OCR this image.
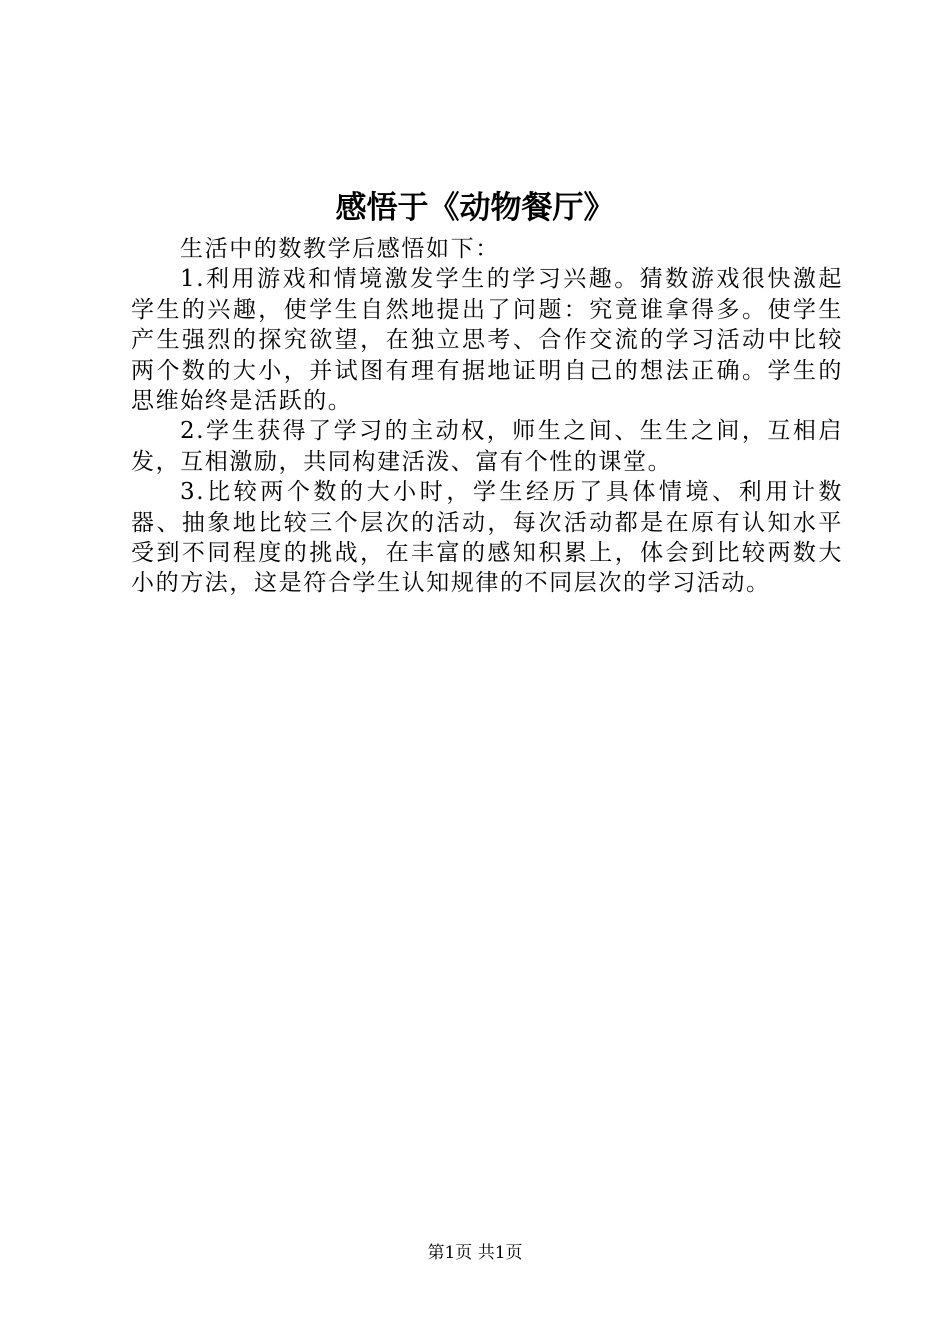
感悟于《动物餐厅》

生活中的数教学后感悟如下：

1.利用游戏和情境激发学生的学习兴趣。猜数游戏很快激起学生的兴趣，使学生自然地提出了问题：究竟谁拿得多。使学生产生强烈的探究欲望，在独立思考、合作交流的学习活动中比较两个数的大小，并试图有理有据地证明自己的想法正确。学生的思维始终是活跃的。

2.学生获得了学习的主动权，师生之间、生生之间，互相启发，互相激励，共同构建活泼、富有个性的课堂。

3.比较两个数的大小时，学生经历了具体情境、利用计数器、抽象地比较三个层次的活动，每次活动都是在原有认知水平受到不同程度的挑战，在丰富的感知积累上，体会到比较两数大小的方法，这是符合学生认知规律的不同层次的学习活动。

第1页 共1页
